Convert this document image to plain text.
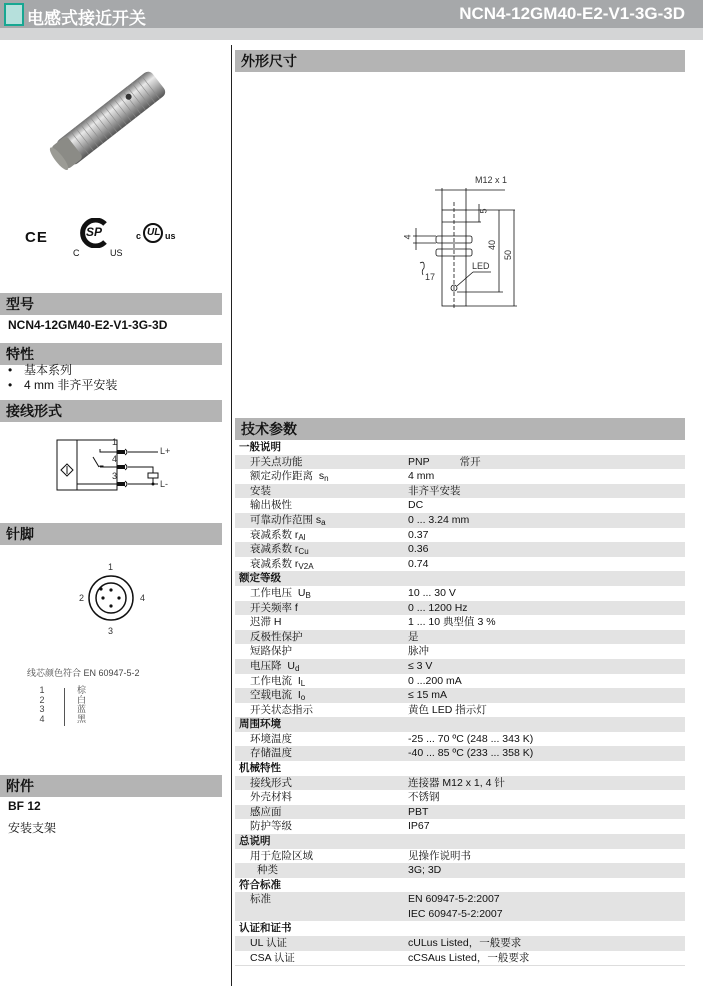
电感式接近开关	NCN4-12GM40-E2-V1-3G-3D
CE	SP
C	US
c UL us
型号
NCN4-12GM40-E2-V1-3G-3D
特性
• 基本系列
• 4 mm 非齐平安装
接线形式
1
4
3
L+
L-
针脚
1
2	4
3
线芯颜色符合 EN 60947-5-2
1	棕
2	白
3	蓝
4	黑
附件
BF 12
安装支架
外形尺寸
M12 x 1
5
4
40
50
LED
17
技术参数
一般说明
开关点功能	PNP	常开
额定动作距离 $s_n$	4 mm
安装	非齐平安装
输出极性	DC
可靠动作范围 $s_a$	0 ... 3.24 mm
衰减系数 $r_{Al}$	0.37
衰减系数 $r_{Cu}$	0.36
衰减系数 $r_{V2A}$	0.74
额定等级
工作电压 $U_B$	10 ... 30 V
开关频率 f	0 ... 1200 Hz
迟滞 H	1 ... 10 典型值 3 %
反极性保护	是
短路保护	脉冲
电压降 $U_d$	≤ 3 V
工作电流 $I_L$	0 ...200 mA
空载电流 $I_o$	≤ 15 mA
开关状态指示	黄色 LED 指示灯
周围环境
环境温度	-25 ... 70 ºC (248 ... 343 K)
存储温度	-40 ... 85 ºC (233 ... 358 K)
机械特性
接线形式	连接器 M12 x 1, 4 针
外壳材料	不锈钢
感应面	PBT
防护等级	IP67
总说明
用于危险区域	见操作说明书
种类	3G; 3D
符合标准
标准	EN 60947-5-2:2007
IEC 60947-5-2:2007
认证和证书
UL 认证	cULus Listed，一般要求
CSA 认证	cCSAus Listed，一般要求
